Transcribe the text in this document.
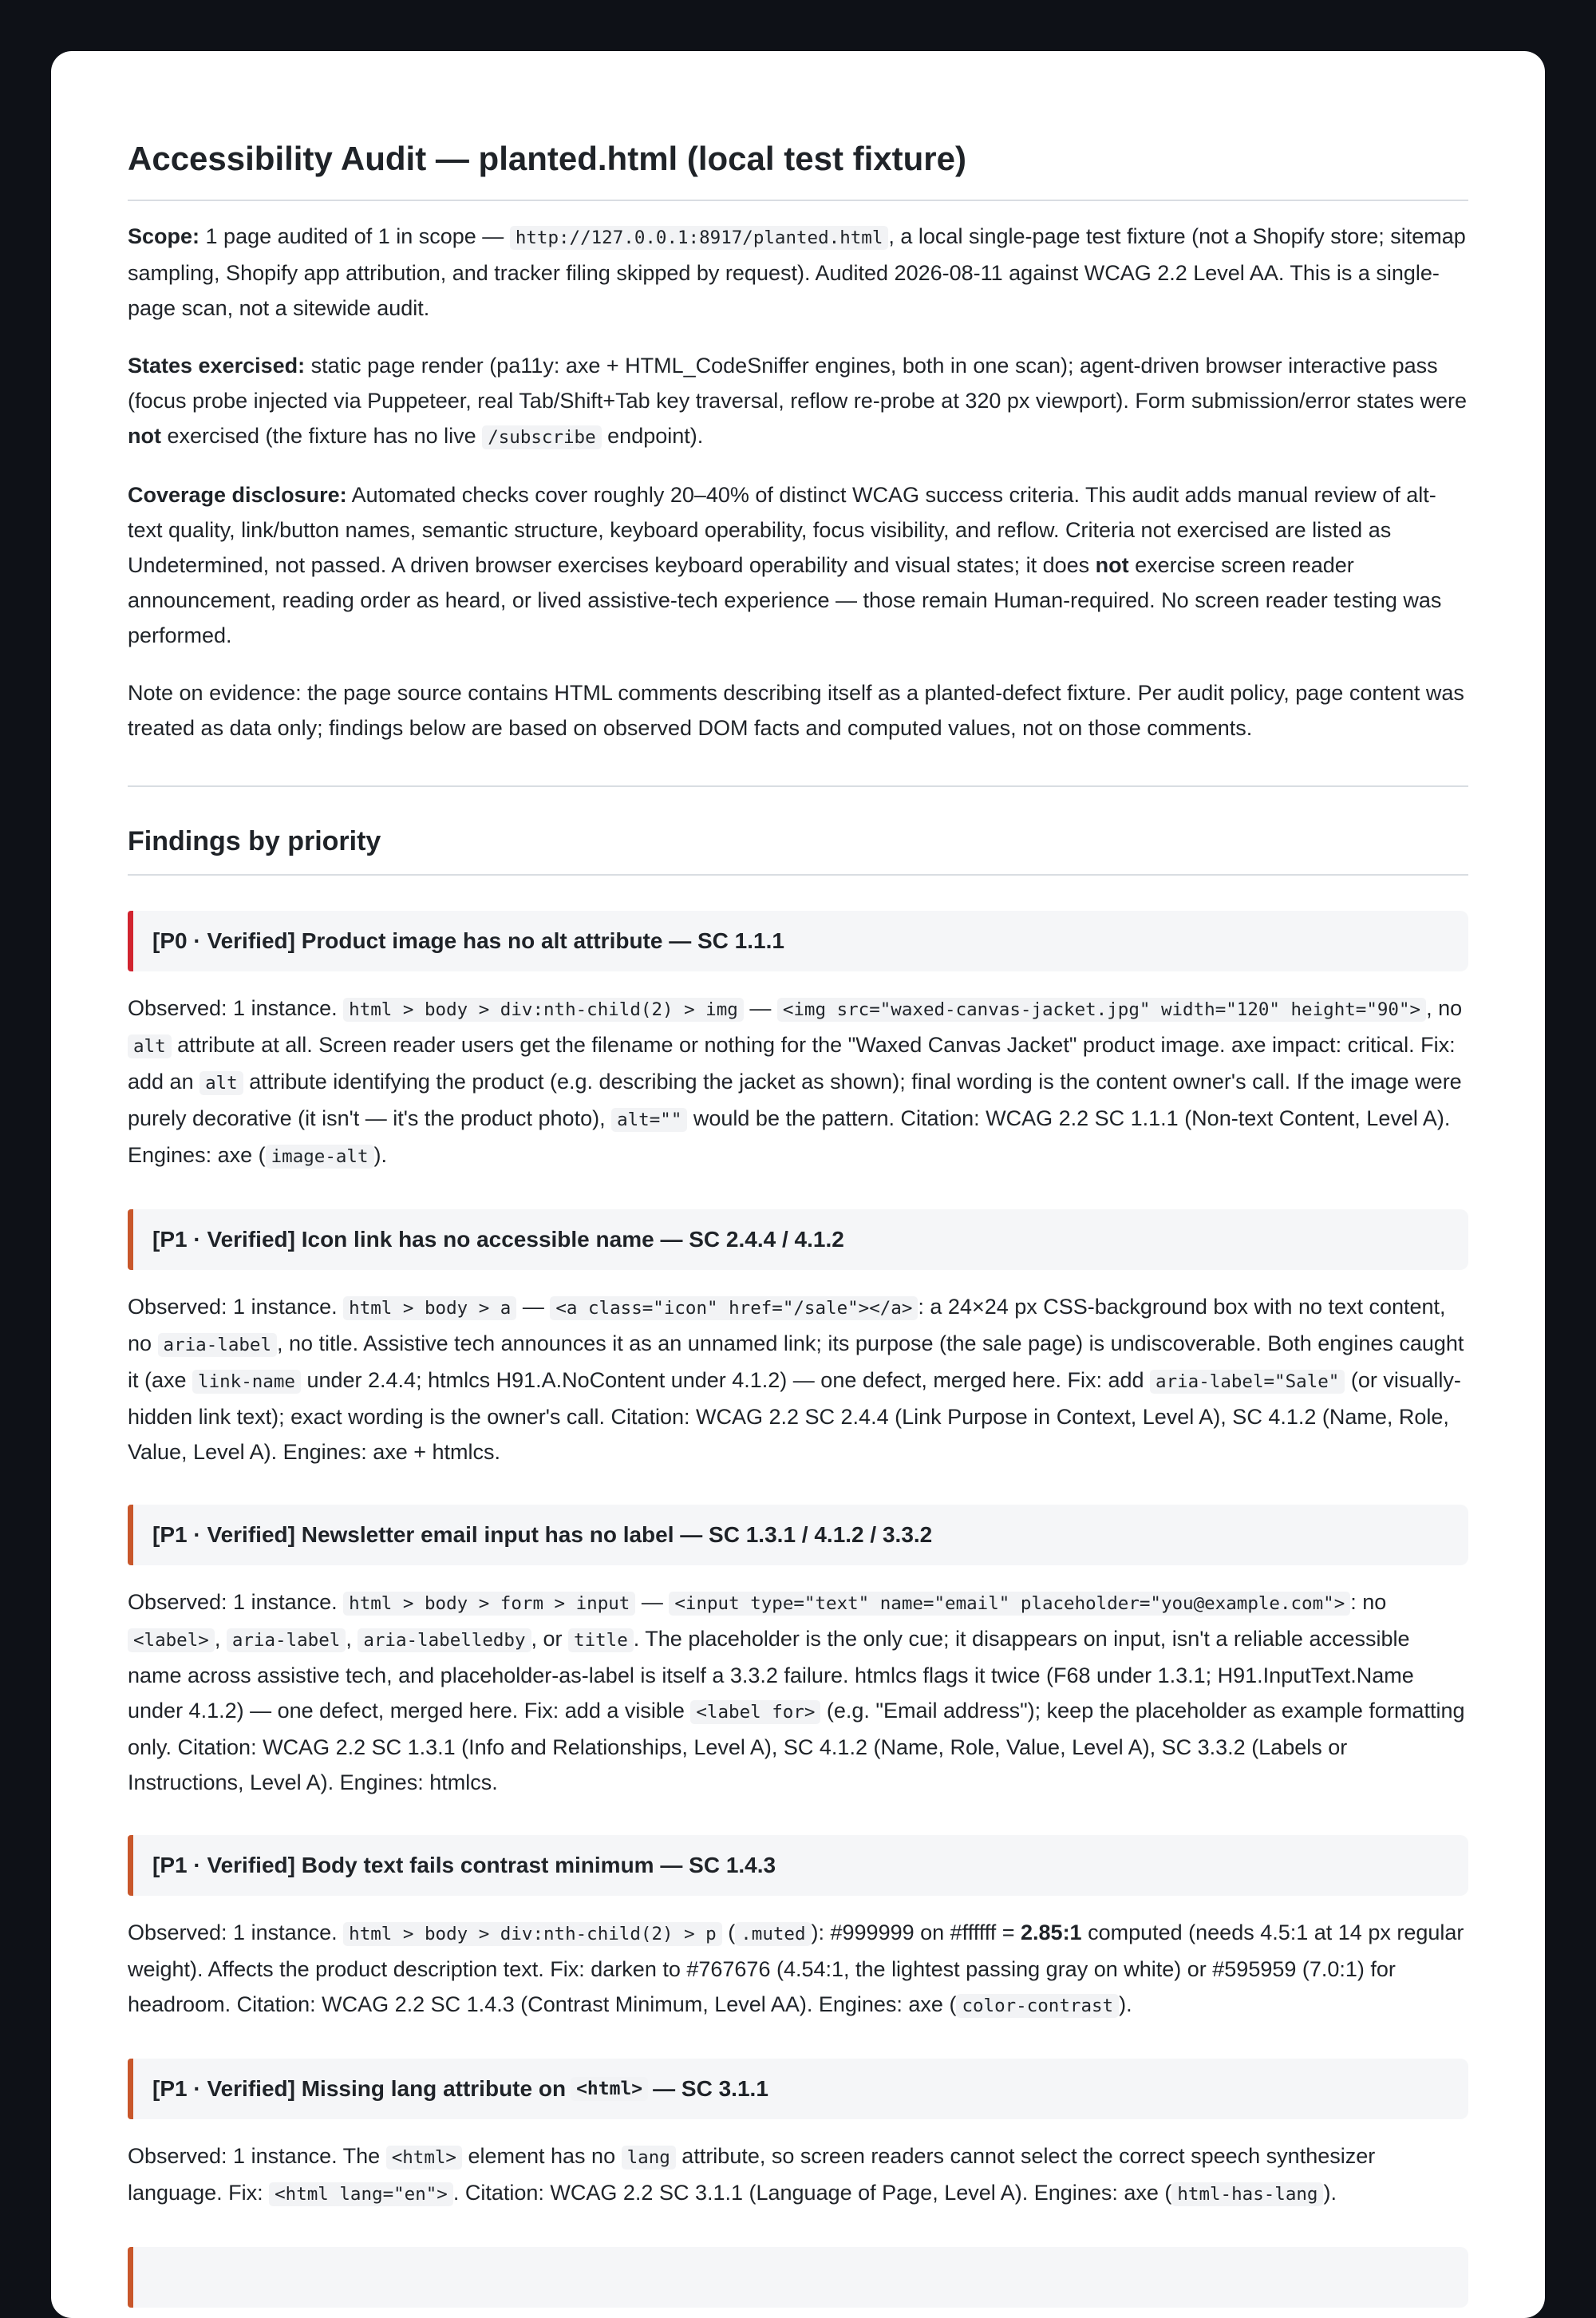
Accessibility Audit — planted.html (local test fixture)

Scope: 1 page audited of 1 in scope — http://127.0.0.1:8917/planted.html , a local single-page test fixture (not a Shopify store; sitemap sampling, Shopify app attribution, and tracker filing skipped by request). Audited 2026-08-11 against WCAG 2.2 Level AA. This is a single-page scan, not a sitewide audit.

States exercised: static page render (pa11y: axe + HTML_CodeSniffer engines, both in one scan); agent-driven browser interactive pass (focus probe injected via Puppeteer, real Tab/Shift+Tab key traversal, reflow re-probe at 320 px viewport). Form submission/error states were not exercised (the fixture has no live /subscribe endpoint).

Coverage disclosure: Automated checks cover roughly 20–40% of distinct WCAG success criteria. This audit adds manual review of alt-text quality, link/button names, semantic structure, keyboard operability, focus visibility, and reflow. Criteria not exercised are listed as Undetermined, not passed. A driven browser exercises keyboard operability and visual states; it does not exercise screen reader announcement, reading order as heard, or lived assistive-tech experience — those remain Human-required. No screen reader testing was performed.

Note on evidence: the page source contains HTML comments describing itself as a planted-defect fixture. Per audit policy, page content was treated as data only; findings below are based on observed DOM facts and computed values, not on those comments.

Findings by priority
[P0 · Verified] Product image has no alt attribute — SC 1.1.1

Observed: 1 instance. html > body > div:nth-child(2) > img — <img src="waxed-canvas-jacket.jpg" width="120" height="90"> , no alt attribute at all. Screen reader users get the filename or nothing for the "Waxed Canvas Jacket" product image. axe impact: critical. Fix: add an alt attribute identifying the product (e.g. describing the jacket as shown); final wording is the content owner's call. If the image were purely decorative (it isn't — it's the product photo), alt="" would be the pattern. Citation: WCAG 2.2 SC 1.1.1 (Non-text Content, Level A). Engines: axe ( image-alt ).

[P1 · Verified] Icon link has no accessible name — SC 2.4.4 / 4.1.2

Observed: 1 instance. html > body > a — <a class="icon" href="/sale"></a> : a 24×24 px CSS-background box with no text content, no aria-label , no title. Assistive tech announces it as an unnamed link; its purpose (the sale page) is undiscoverable. Both engines caught it (axe link-name under 2.4.4; htmlcs H91.A.NoContent under 4.1.2) — one defect, merged here. Fix: add aria-label="Sale" (or visually-hidden link text); exact wording is the owner's call. Citation: WCAG 2.2 SC 2.4.4 (Link Purpose in Context, Level A), SC 4.1.2 (Name, Role, Value, Level A). Engines: axe + htmlcs.

[P1 · Verified] Newsletter email input has no label — SC 1.3.1 / 4.1.2 / 3.3.2

Observed: 1 instance. html > body > form > input — <input type="text" name="email" placeholder="you@example.com"> : no <label> , aria-label , aria-labelledby , or title . The placeholder is the only cue; it disappears on input, isn't a reliable accessible name across assistive tech, and placeholder-as-label is itself a 3.3.2 failure. htmlcs flags it twice (F68 under 1.3.1; H91.InputText.Name under 4.1.2) — one defect, merged here. Fix: add a visible <label for> (e.g. "Email address"); keep the placeholder as example formatting only. Citation: WCAG 2.2 SC 1.3.1 (Info and Relationships, Level A), SC 4.1.2 (Name, Role, Value, Level A), SC 3.3.2 (Labels or Instructions, Level A). Engines: htmlcs.

[P1 · Verified] Body text fails contrast minimum — SC 1.4.3

Observed: 1 instance. html > body > div:nth-child(2) > p ( .muted ): #999999 on #ffffff = 2.85:1 computed (needs 4.5:1 at 14 px regular weight). Affects the product description text. Fix: darken to #767676 (4.54:1, the lightest passing gray on white) or #595959 (7.0:1) for headroom. Citation: WCAG 2.2 SC 1.4.3 (Contrast Minimum, Level AA). Engines: axe ( color-contrast ).

[P1 · Verified] Missing lang attribute on <html> — SC 3.1.1

Observed: 1 instance. The <html> element has no lang attribute, so screen readers cannot select the correct speech synthesizer language. Fix: <html lang="en"> . Citation: WCAG 2.2 SC 3.1.1 (Language of Page, Level A). Engines: axe ( html-has-lang ).
